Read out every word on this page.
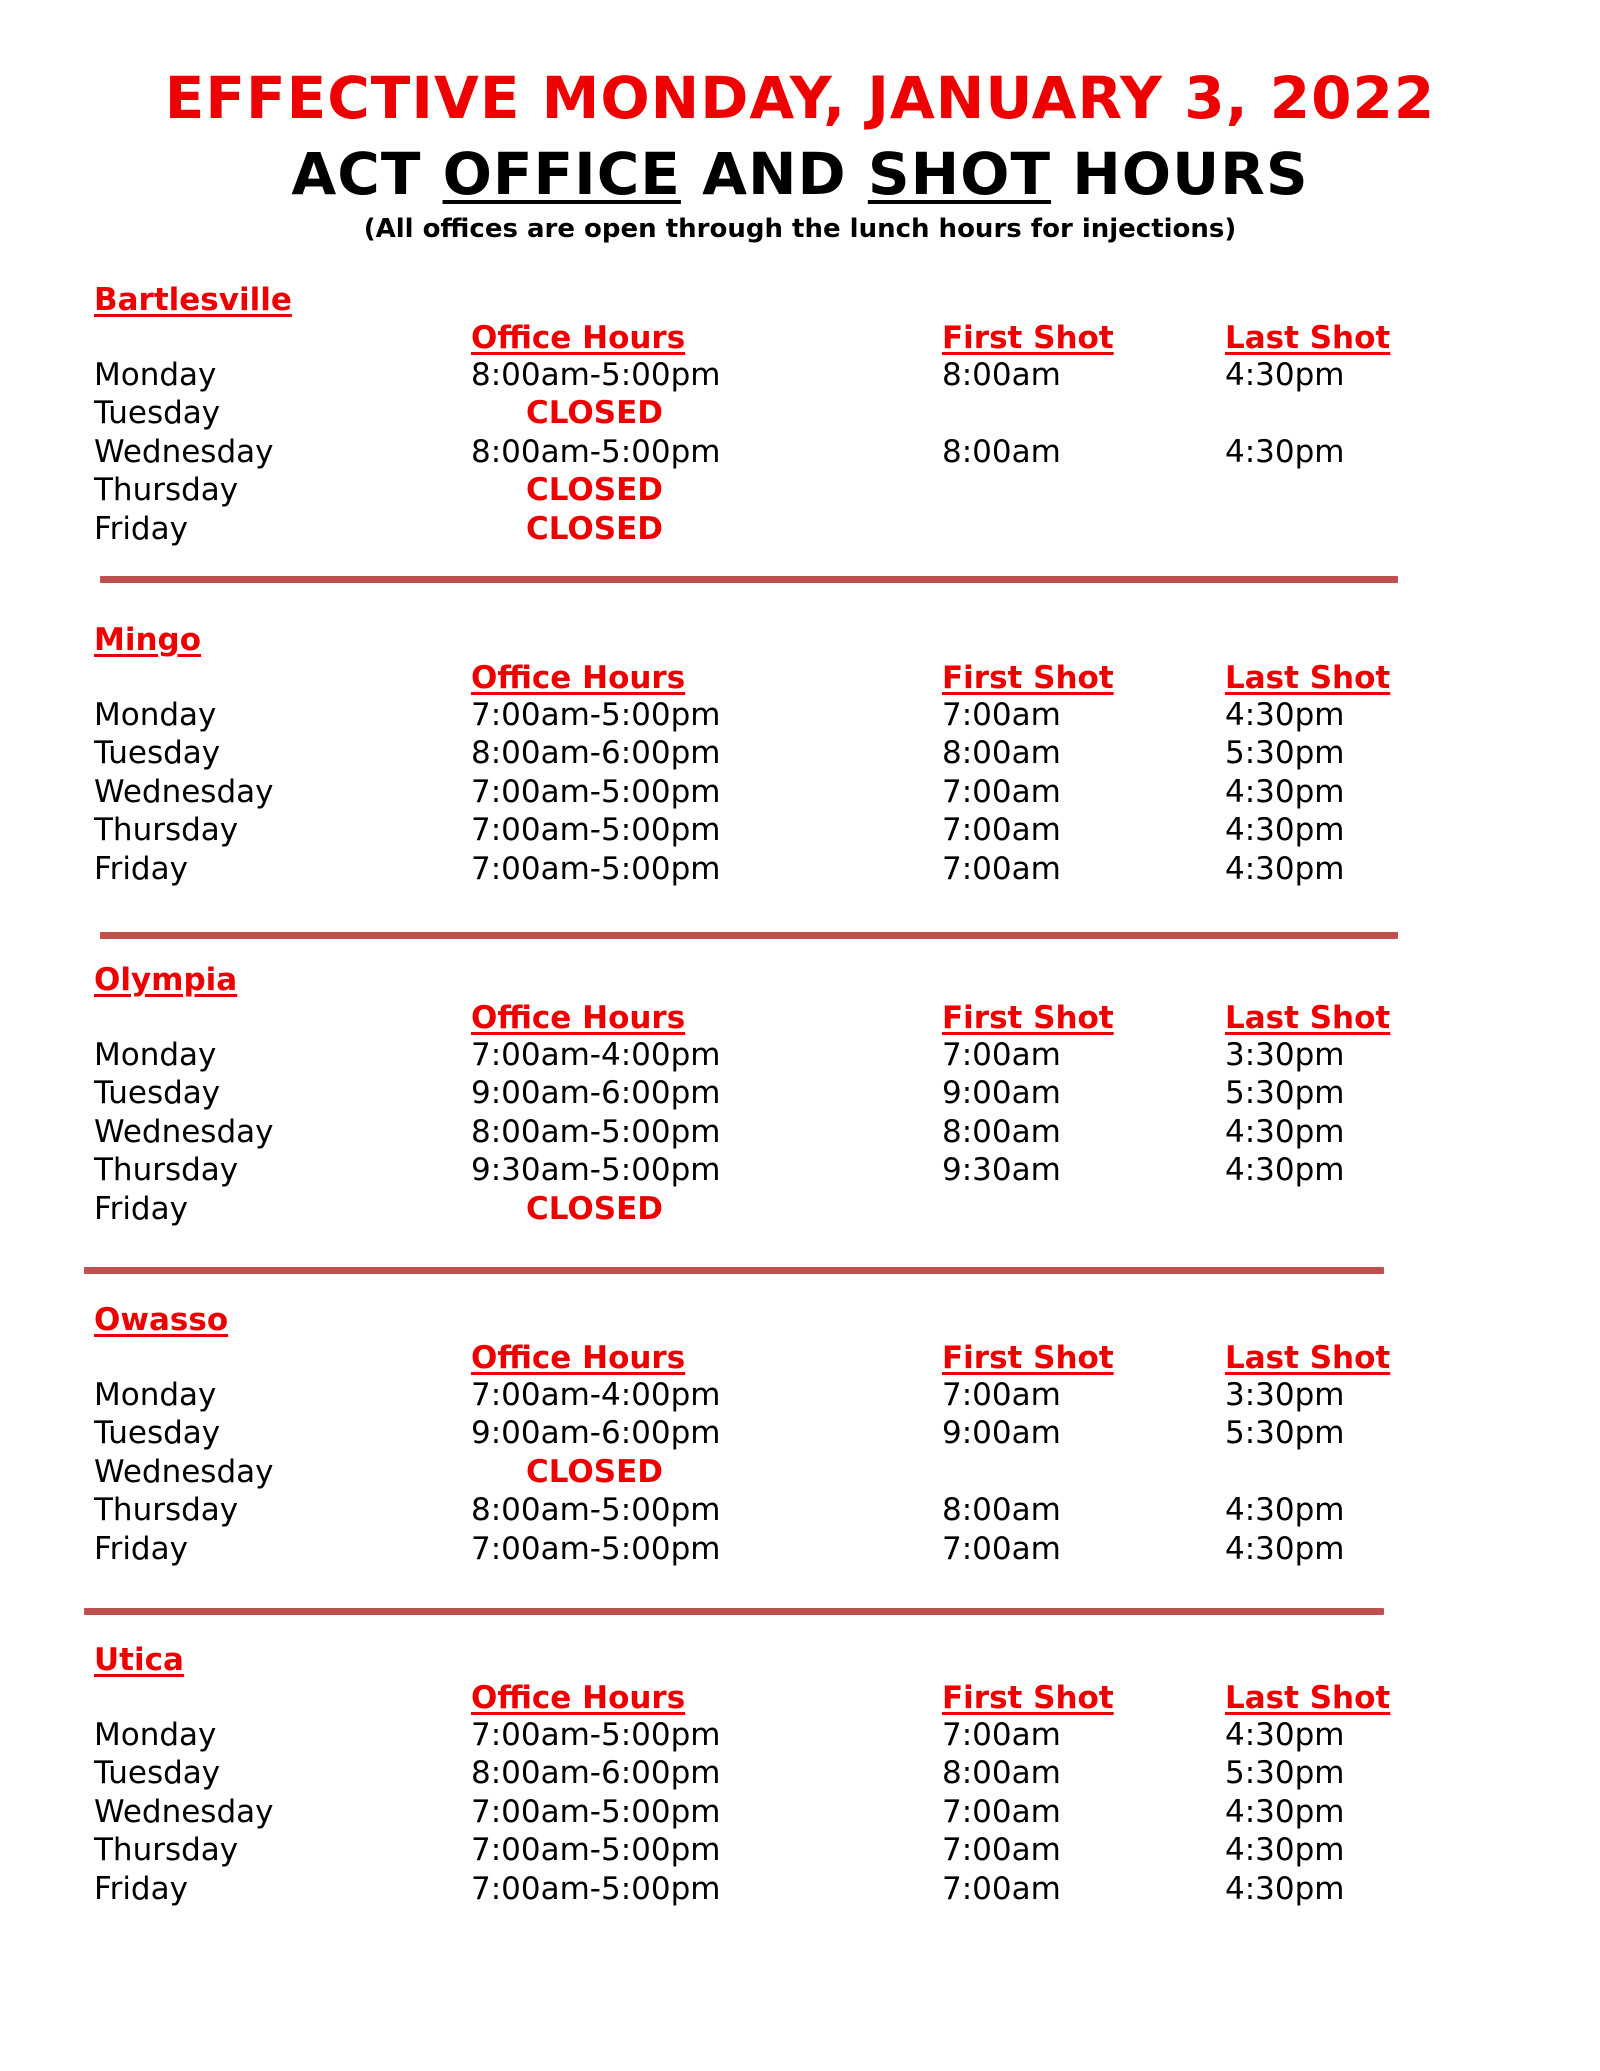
EFFECTIVE MONDAY, JANUARY 3, 2022
ACT OFFICE AND SHOT HOURS
(All offices are open through the lunch hours for injections)
Bartlesville
Office Hours	First Shot	Last Shot
Monday	8:00am-5:00pm	8:00am	4:30pm
Tuesday	CLOSED
Wednesday	8:00am-5:00pm	8:00am	4:30pm
Thursday	CLOSED
Friday	CLOSED
Mingo
Office Hours	First Shot	Last Shot
Monday	7:00am-5:00pm	7:00am	4:30pm
Tuesday	8:00am-6:00pm	8:00am	5:30pm
Wednesday	7:00am-5:00pm	7:00am	4:30pm
Thursday	7:00am-5:00pm	7:00am	4:30pm
Friday	7:00am-5:00pm	7:00am	4:30pm
Olympia
Office Hours	First Shot	Last Shot
Monday	7:00am-4:00pm	7:00am	3:30pm
Tuesday	9:00am-6:00pm	9:00am	5:30pm
Wednesday	8:00am-5:00pm	8:00am	4:30pm
Thursday	9:30am-5:00pm	9:30am	4:30pm
Friday	CLOSED
Owasso
Office Hours	First Shot	Last Shot
Monday	7:00am-4:00pm	7:00am	3:30pm
Tuesday	9:00am-6:00pm	9:00am	5:30pm
Wednesday	CLOSED
Thursday	8:00am-5:00pm	8:00am	4:30pm
Friday	7:00am-5:00pm	7:00am	4:30pm
Utica
Office Hours	First Shot	Last Shot
Monday	7:00am-5:00pm	7:00am	4:30pm
Tuesday	8:00am-6:00pm	8:00am	5:30pm
Wednesday	7:00am-5:00pm	7:00am	4:30pm
Thursday	7:00am-5:00pm	7:00am	4:30pm
Friday	7:00am-5:00pm	7:00am	4:30pm
